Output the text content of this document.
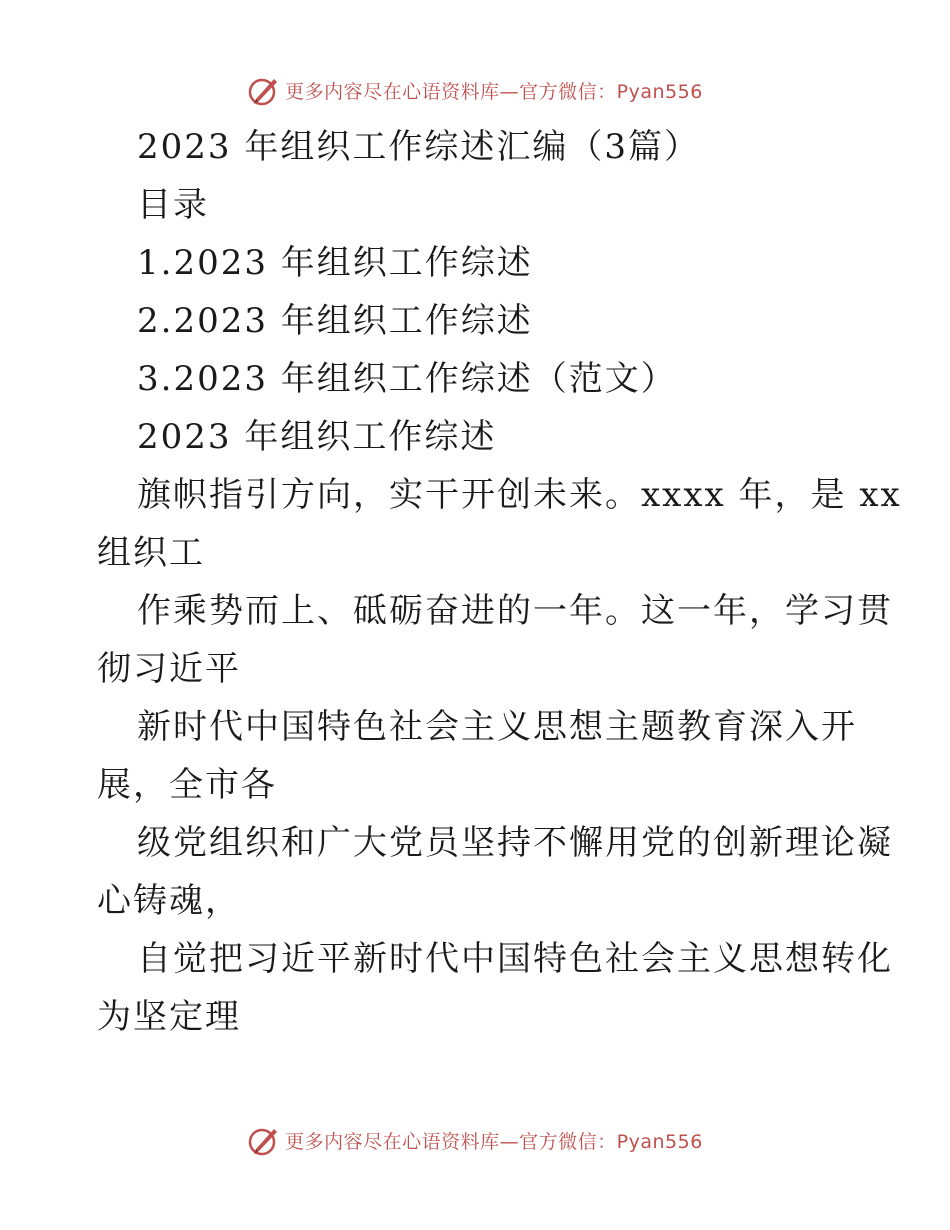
更多内容尽在心语资料库—官方微信：Pyan556

2023 年组织工作综述汇编（3篇）

目录

1.2023 年组织工作综述

2.2023 年组织工作综述

3.2023 年组织工作综述（范文）

2023 年组织工作综述

旗帜指引方向，实干开创未来。xxxx 年，是 xx

组织工

作乘势而上、砥砺奋进的一年。这一年，学习贯

彻习近平

新时代中国特色社会主义思想主题教育深入开

展，全市各

级党组织和广大党员坚持不懈用党的创新理论凝

心铸魂，

自觉把习近平新时代中国特色社会主义思想转化

为坚定理

更多内容尽在心语资料库—官方微信：Pyan556
